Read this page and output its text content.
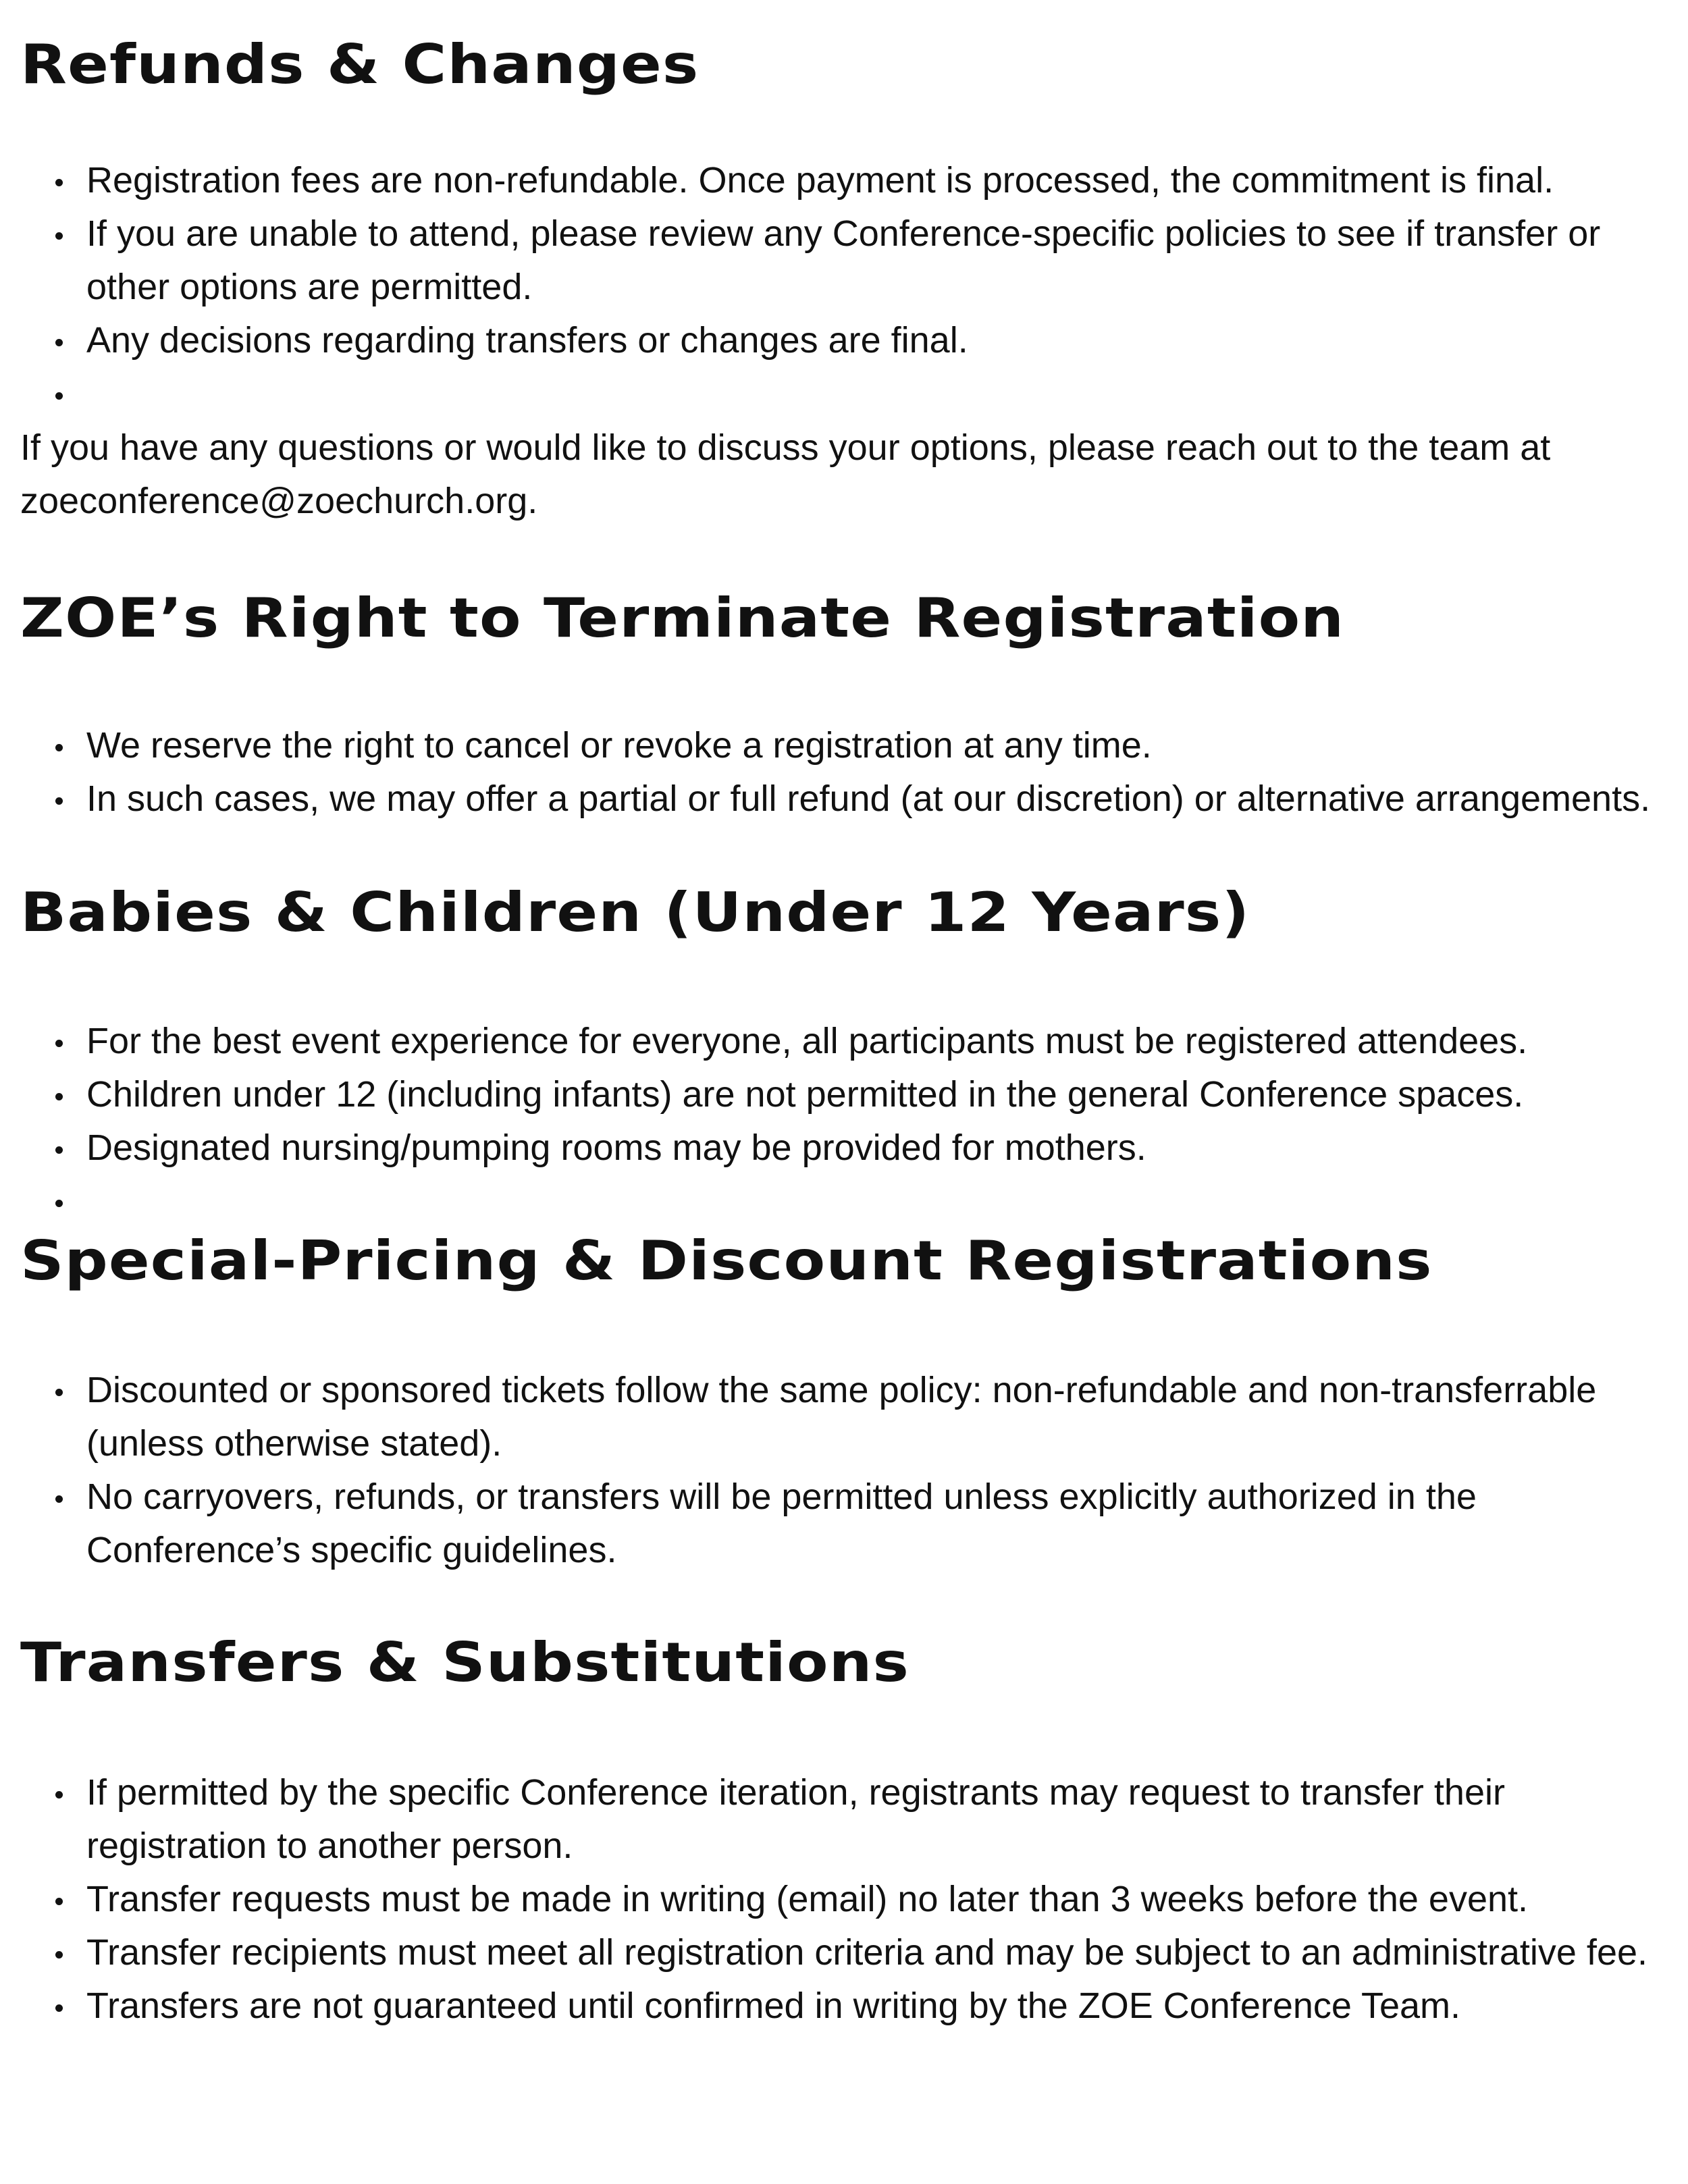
Refunds & Changes
Registration fees are non-refundable. Once payment is processed, the commitment is final.
If you are unable to attend, please review any Conference-specific policies to see if transfer or other options are permitted.
Any decisions regarding transfers or changes are final.

If you have any questions or would like to discuss your options, please reach out to the team at zoeconference@zoechurch.org.

ZOE’s Right to Terminate Registration
We reserve the right to cancel or revoke a registration at any time.
In such cases, we may offer a partial or full refund (at our discretion) or alternative arrangements.
Babies & Children (Under 12 Years)
For the best event experience for everyone, all participants must be registered attendees.
Children under 12 (including infants) are not permitted in the general Conference spaces.
Designated nursing/pumping rooms may be provided for mothers.
Special-Pricing & Discount Registrations
Discounted or sponsored tickets follow the same policy: non-refundable and non-transferrable (unless otherwise stated).
No carryovers, refunds, or transfers will be permitted unless explicitly authorized in the Conference’s specific guidelines.
Transfers & Substitutions
If permitted by the specific Conference iteration, registrants may request to transfer their registration to another person.
Transfer requests must be made in writing (email) no later than 3 weeks before the event.
Transfer recipients must meet all registration criteria and may be subject to an administrative fee.
Transfers are not guaranteed until confirmed in writing by the ZOE Conference Team.
